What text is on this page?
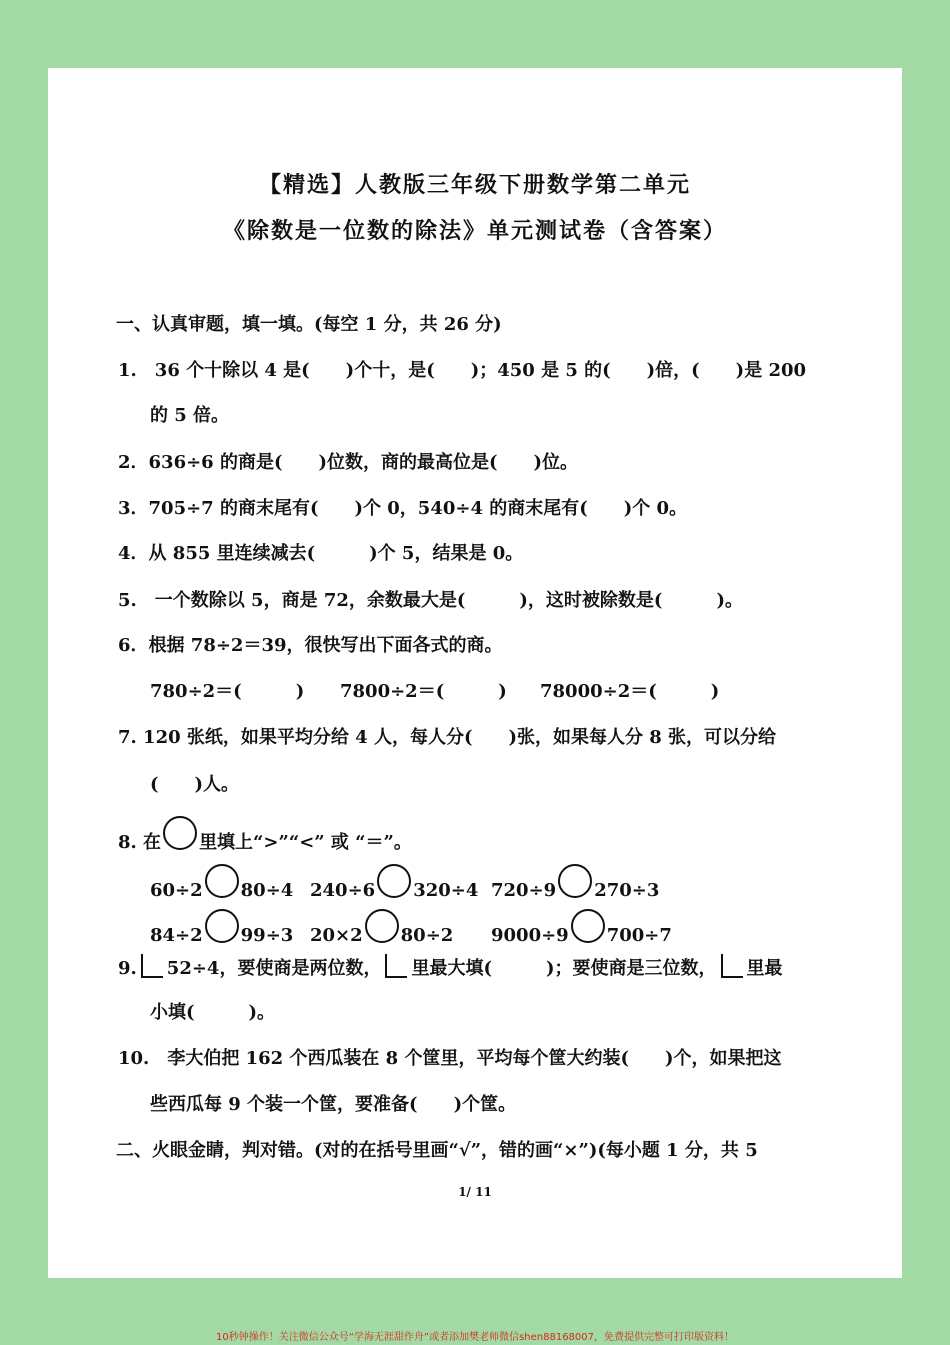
【精选】人教版三年级下册数学第二单元
《除数是一位数的除法》单元测试卷（含答案）
一、认真审题，填一填。(每空 1 分，共 26 分)
1.　36 个十除以 4 是(　　)个十，是(　　)；450 是 5 的(　　)倍，(　　)是 200
的 5 倍。
2．636÷6 的商是(　　)位数，商的最高位是(　　)位。
3．705÷7 的商末尾有(　　)个 0，540÷4 的商末尾有(　　)个 0。
4．从 855 里连续减去(　　　)个 5，结果是 0。
5.　一个数除以 5，商是 72，余数最大是(　　　)，这时被除数是(　　　)。
6．根据 78÷2＝39，很快写出下面各式的商。
780÷2＝(　　　) 7800÷2＝(　　　) 78000÷2＝(　　　)
7. 120 张纸，如果平均分给 4 人，每人分(　　)张，如果每人分 8 张，可以分给
(　　)人。
8. 在 里填上“>”“<” 或 “＝”。
60÷2 80÷4 240÷6 320÷4 720÷9 270÷3
84÷2 99÷3 20×2 80÷2 9000÷9 700÷7
9. 52÷4，要使商是两位数， 里最大填(　　　)；要使商是三位数， 里最
小填(　　　)。
10.　李大伯把 162 个西瓜装在 8 个筐里，平均每个筐大约装(　　)个，如果把这
些西瓜每 9 个装一个筐，要准备(　　)个筐。
二、火眼金睛，判对错。(对的在括号里画“√”，错的画“×”)(每小题 1 分，共 5
1/ 11
10秒钟操作！关注微信公众号“学海无涯甜作舟”或者添加樊老师微信shen88168007，免费提供完整可打印版资料！
